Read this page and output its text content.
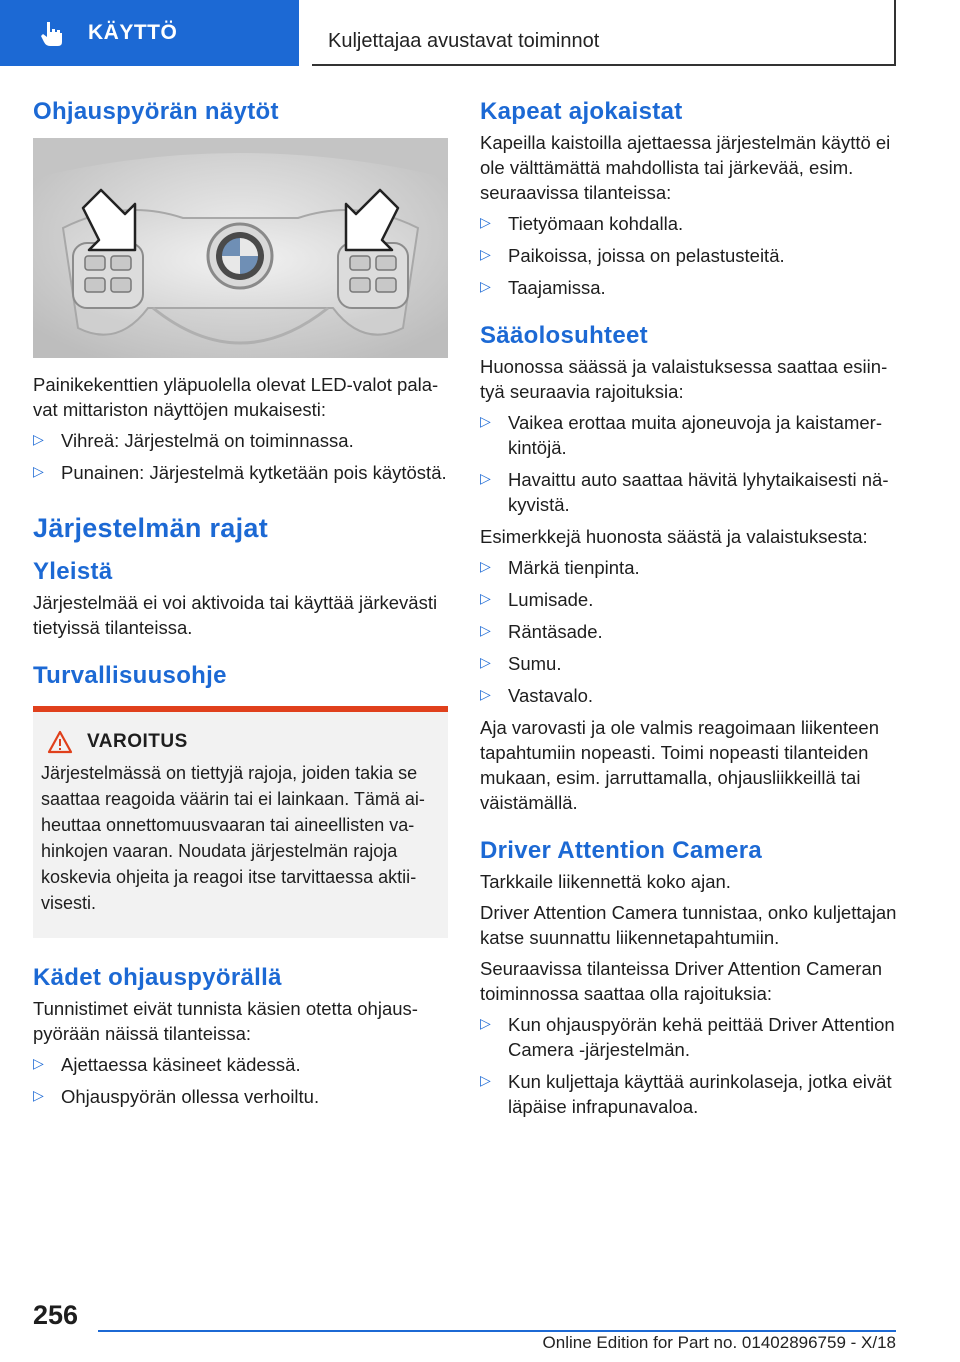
KÄYTTÖ	Kuljettajaa avustavat toiminnot
Ohjauspyörän näytöt

Painikekenttien yläpuolella olevat LED-valot palavat mittariston näyttöjen mukaisesti:

▷ Vihreä: Järjestelmä on toiminnassa.
▷ Punainen: Järjestelmä kytketään pois käytöstä.
Järjestelmän rajat
Yleistä

Järjestelmää ei voi aktivoida tai käyttää järkevästi tietyissä tilanteissa.

Turvallisuusohje
VAROITUS

Järjestelmässä on tiettyjä rajoja, joiden takia se saattaa reagoida väärin tai ei lainkaan. Tämä aiheuttaa onnettomuusvaaran tai aineellisten vahinkojen vaaran. Noudata järjestelmän rajoja koskevia ohjeita ja reagoi itse tarvittaessa aktiivisesti.

Kädet ohjauspyörällä

Tunnistimet eivät tunnista käsien otetta ohjauspyörään näissä tilanteissa:

▷ Ajettaessa käsineet kädessä.
▷ Ohjauspyörän ollessa verhoiltu.
Kapeat ajokaistat

Kapeilla kaistoilla ajettaessa järjestelmän käyttö ei ole välttämättä mahdollista tai järkevää, esim. seuraavissa tilanteissa:

▷ Tietyömaan kohdalla.
▷ Paikoissa, joissa on pelastusteitä.
▷ Taajamissa.
Sääolosuhteet

Huonossa säässä ja valaistuksessa saattaa esiintyä seuraavia rajoituksia:

▷ Vaikea erottaa muita ajoneuvoja ja kaistamerkintöjä.
▷ Havaittu auto saattaa hävitä lyhytaikaisesti näkyvistä.

Esimerkkejä huonosta säästä ja valaistuksesta:

▷ Märkä tienpinta.
▷ Lumisade.
▷ Räntäsade.
▷ Sumu.
▷ Vastavalo.

Aja varovasti ja ole valmis reagoimaan liikenteen tapahtumiin nopeasti. Toimi nopeasti tilanteiden mukaan, esim. jarruttamalla, ohjausliikkeillä tai väistämällä.

Driver Attention Camera

Tarkkaile liikennettä koko ajan.

Driver Attention Camera tunnistaa, onko kuljettajan katse suunnattu liikennetapahtumiin.

Seuraavissa tilanteissa Driver Attention Cameran toiminnossa saattaa olla rajoituksia:

▷ Kun ohjauspyörän kehä peittää Driver Attention Camera -järjestelmän.
▷ Kun kuljettaja käyttää aurinkolaseja, jotka eivät läpäise infrapunavaloa.
256
Online Edition for Part no. 01402896759 - X/18
